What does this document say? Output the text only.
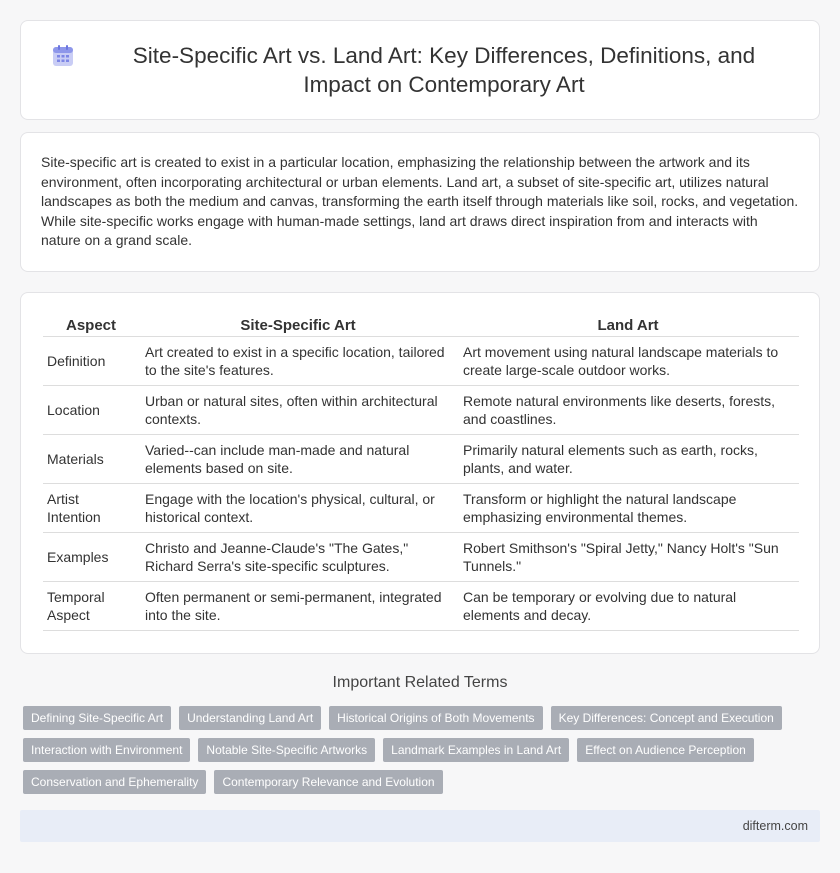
Site-Specific Art vs. Land Art: Key Differences, Definitions, and Impact on Contemporary Art

Site-specific art is created to exist in a particular location, emphasizing the relationship between the artwork and its environment, often incorporating architectural or urban elements. Land art, a subset of site-specific art, utilizes natural landscapes as both the medium and canvas, transforming the earth itself through materials like soil, rocks, and vegetation. While site-specific works engage with human-made settings, land art draws direct inspiration from and interacts with nature on a grand scale.

Aspect	Site-Specific Art	Land Art
Definition	Art created to exist in a specific location, tailored to the site's features.	Art movement using natural landscape materials to create large-scale outdoor works.
Location	Urban or natural sites, often within architectural contexts.	Remote natural environments like deserts, forests, and coastlines.
Materials	Varied--can include man-made and natural elements based on site.	Primarily natural elements such as earth, rocks, plants, and water.
Artist Intention	Engage with the location's physical, cultural, or historical context.	Transform or highlight the natural landscape emphasizing environmental themes.
Examples	Christo and Jeanne-Claude's "The Gates," Richard Serra's site-specific sculptures.	Robert Smithson's "Spiral Jetty," Nancy Holt's "Sun Tunnels."
Temporal Aspect	Often permanent or semi-permanent, integrated into the site.	Can be temporary or evolving due to natural elements and decay.
Important Related Terms
Defining Site-Specific Art	Understanding Land Art	Historical Origins of Both Movements	Key Differences: Concept and Execution
Interaction with Environment	Notable Site-Specific Artworks	Landmark Examples in Land Art	Effect on Audience Perception
Conservation and Ephemerality	Contemporary Relevance and Evolution
difterm.com
